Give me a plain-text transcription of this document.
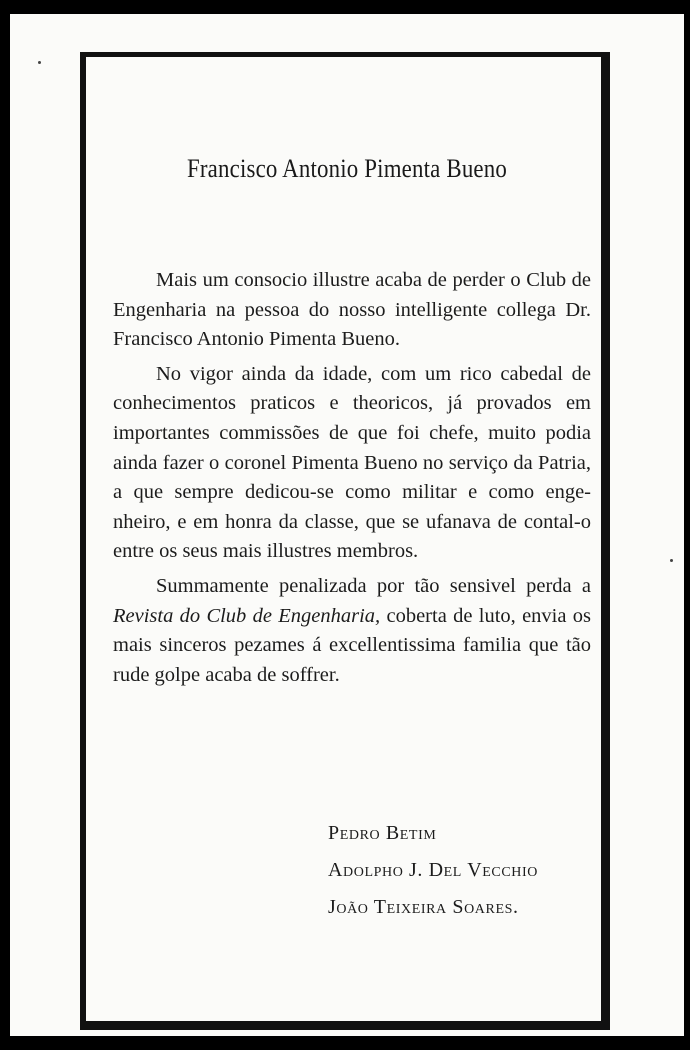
Francisco Antonio Pimenta Bueno

Mais um consocio illustre acaba de perder o Club de Engenharia na pessoa do nosso intelligente collega Dr. Francisco Antonio Pimenta Bueno.

No vigor ainda da idade, com um rico cabedal de conhecimentos praticos e theoricos, já provados em importantes commissões de que foi chefe, muito podia ainda fazer o coronel Pimenta Bueno no serviço da Patria, a que sempre dedicou-se como militar e como engenheiro, e em honra da classe, que se ufanava de contal-o entre os seus mais illustres membros.

Summamente penalizada por tão sensivel perda a Revista do Club de Engenharia, coberta de luto, envia os mais sinceros pezames á excellentissima familia que tão rude golpe acaba de soffrer.

Pedro Betim
Adolpho J. Del Vecchio
João Teixeira Soares.
